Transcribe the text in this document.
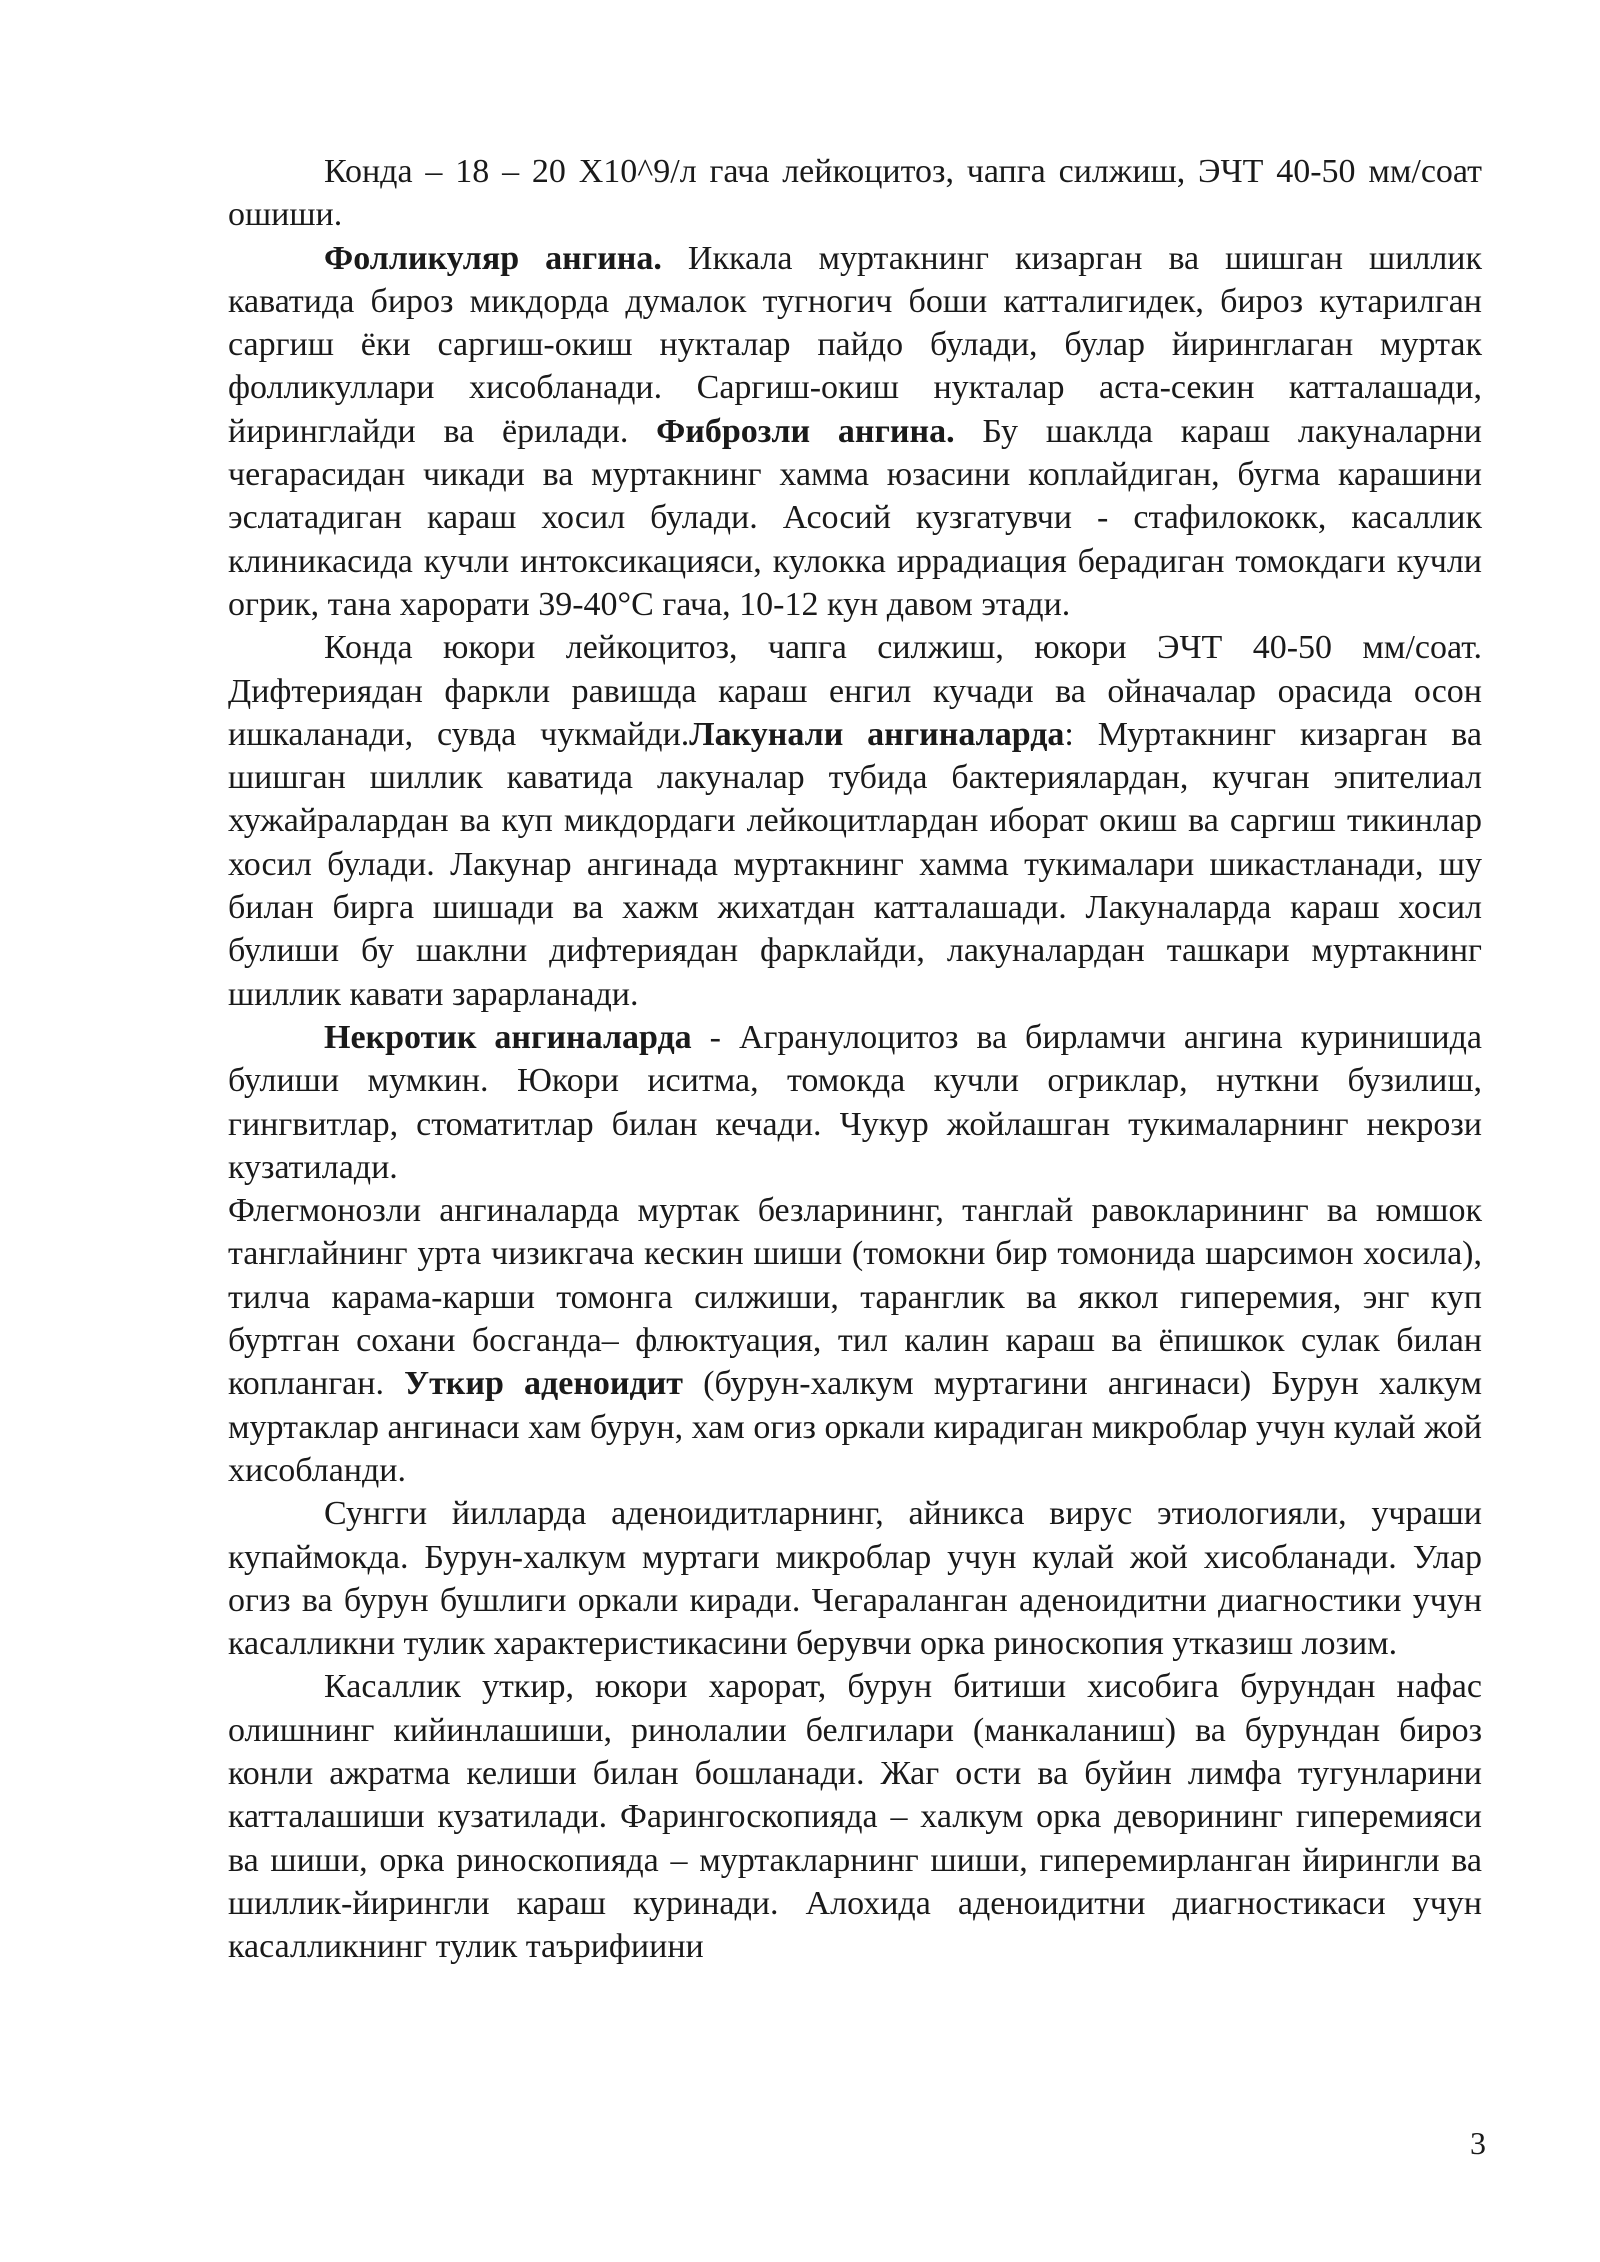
Конда – 18 – 20 Х10^9/л гача лейкоцитоз, чапга силжиш, ЭЧТ 40-50 мм/соат ошиши.

Фолликуляр ангина. Иккала муртакнинг кизарган ва шишган шиллик каватида бироз микдорда думалок тугногич боши катталигидек, бироз кутарилган саргиш ёки саргиш-окиш нукталар пайдо булади, булар йиринглаган муртак фолликуллари хисобланади. Саргиш-окиш нукталар аста-секин катталашади, йиринглайди ва ёрилади. Фиброзли ангина. Бу шаклда караш лакуналарни чегарасидан чикади ва муртакнинг хамма юзасини коплайдиган, бугма карашини эслатадиган караш хосил булади. Асосий кузгатувчи - стафилококк, касаллик клиникасида кучли интоксикацияси, кулокка иррадиация берадиган томокдаги кучли огрик, тана харорати 39-40°С гача, 10-12 кун давом этади.

Конда юкори лейкоцитоз, чапга силжиш, юкори ЭЧТ 40-50 мм/соат. Дифтериядан фаркли равишда караш енгил кучади ва ойначалар орасида осон ишкаланади, сувда чукмайди.Лакунали ангиналарда: Муртакнинг кизарган ва шишган шиллик каватида лакуналар тубида бактериялардан, кучган эпителиал хужайралардан ва куп микдордаги лейкоцитлардан иборат окиш ва саргиш тикинлар хосил булади. Лакунар ангинада муртакнинг хамма тукималари шикастланади, шу билан бирга шишади ва хажм жихатдан катталашади. Лакуналарда караш хосил булиши бу шаклни дифтериядан фарклайди, лакуналардан ташкари муртакнинг шиллик кавати зарарланади.

Некротик ангиналарда - Агранулоцитоз ва бирламчи ангина куринишида булиши мумкин. Юкори иситма, томокда кучли огриклар, нуткни бузилиш, гингвитлар, стоматитлар билан кечади. Чукур жойлашган тукималарнинг некрози кузатилади.

Флегмонозли ангиналарда муртак безларининг, танглай равокларининг ва юмшок танглайнинг урта чизикгача кескин шиши (томокни бир томонида шарсимон хосила), тилча карама-карши томонга силжиши, таранглик ва яккол гиперемия, энг куп буртган сохани босганда– флюктуация, тил калин караш ва ёпишкок сулак билан копланган. Уткир аденоидит (бурун-халкум муртагини ангинаси) Бурун халкум муртаклар ангинаси хам бурун, хам огиз оркали кирадиган микроблар учун кулай жой хисобланди.

Сунгги йилларда аденоидитларнинг, айникса вирус этиологияли, учраши купаймокда. Бурун-халкум муртаги микроблар учун кулай жой хисобланади. Улар огиз ва бурун бушлиги оркали киради. Чегараланган аденоидитни диагностики учун касалликни тулик характеристикасини берувчи орка риноскопия утказиш лозим.

Касаллик уткир, юкори харорат, бурун битиши хисобига бурундан нафас олишнинг кийинлашиши, ринолалии белгилари (манкаланиш) ва бурундан бироз конли ажратма келиши билан бошланади. Жаг ости ва буйин лимфа тугунларини катталашиши кузатилади. Фарингоскопияда – халкум орка деворининг гиперемияси ва шиши, орка риноскопияда – муртакларнинг шиши, гиперемирланган йирингли ва шиллик-йирингли караш куринади. Алохида аденоидитни диагностикаси учун касалликнинг тулик таърифиини

3
